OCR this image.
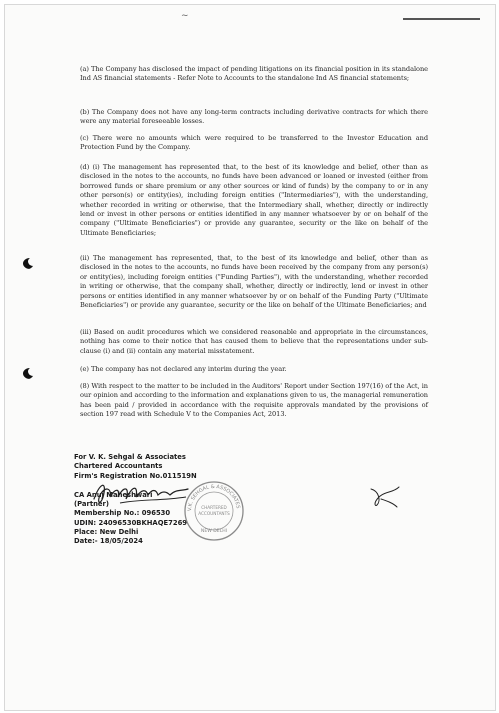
~

(a) The Company has disclosed the impact of pending litigations on its financial position in its standalone Ind AS financial statements - Refer Note to Accounts to the standalone Ind AS financial statements;

(b) The Company does not have any long-term contracts including derivative contracts for which there were any material foreseeable losses.

(c) There were no amounts which were required to be transferred to the Investor Education and Protection Fund by the Company.

(d) (i) The management has represented that, to the best of its knowledge and belief, other than as disclosed in the notes to the accounts, no funds have been advanced or loaned or invested (either from borrowed funds or share premium or any other sources or kind of funds) by the company to or in any other person(s) or entity(ies), including foreign entities ("Intermediaries"), with the understanding, whether recorded in writing or otherwise, that the Intermediary shall, whether, directly or indirectly lend or invest in other persons or entities identified in any manner whatsoever by or on behalf of the company ("Ultimate Beneficiaries") or provide any guarantee, security or the like on behalf of the Ultimate Beneficiaries;

(ii) The management has represented, that, to the best of its knowledge and belief, other than as disclosed in the notes to the accounts, no funds have been received by the company from any person(s) or entity(ies), including foreign entities ("Funding Parties"), with the understanding, whether recorded in writing or otherwise, that the company shall, whether, directly or indirectly, lend or invest in other persons or entities identified in any manner whatsoever by or on behalf of the Funding Party ("Ultimate Beneficiaries") or provide any guarantee, security or the like on behalf of the Ultimate Beneficiaries; and

(iii) Based on audit procedures which we considered reasonable and appropriate in the circumstances, nothing has come to their notice that has caused them to believe that the representations under sub-clause (i) and (ii) contain any material misstatement.

(e) The company has not declared any interim during the year.

(8) With respect to the matter to be included in the Auditors' Report under Section 197(16) of the Act, in our opinion and according to the information and explanations given to us, the managerial remuneration has been paid / provided in accordance with the requisite approvals mandated by the provisions of section 197 read with Schedule V to the Companies Act, 2013.

For V. K. Sehgal & Associates
Chartered Accountants
Firm's Registration No.011519N
CA Anuj Maheshwari
(Partner)
Membership No.: 096530
UDIN: 24096530BKHAQE7269
Place: New Delhi
Date:- 18/05/2024
V.K. SEHGAL & ASSOCIATES
CHARTERED
ACCOUNTANTS
NEW DELHI
